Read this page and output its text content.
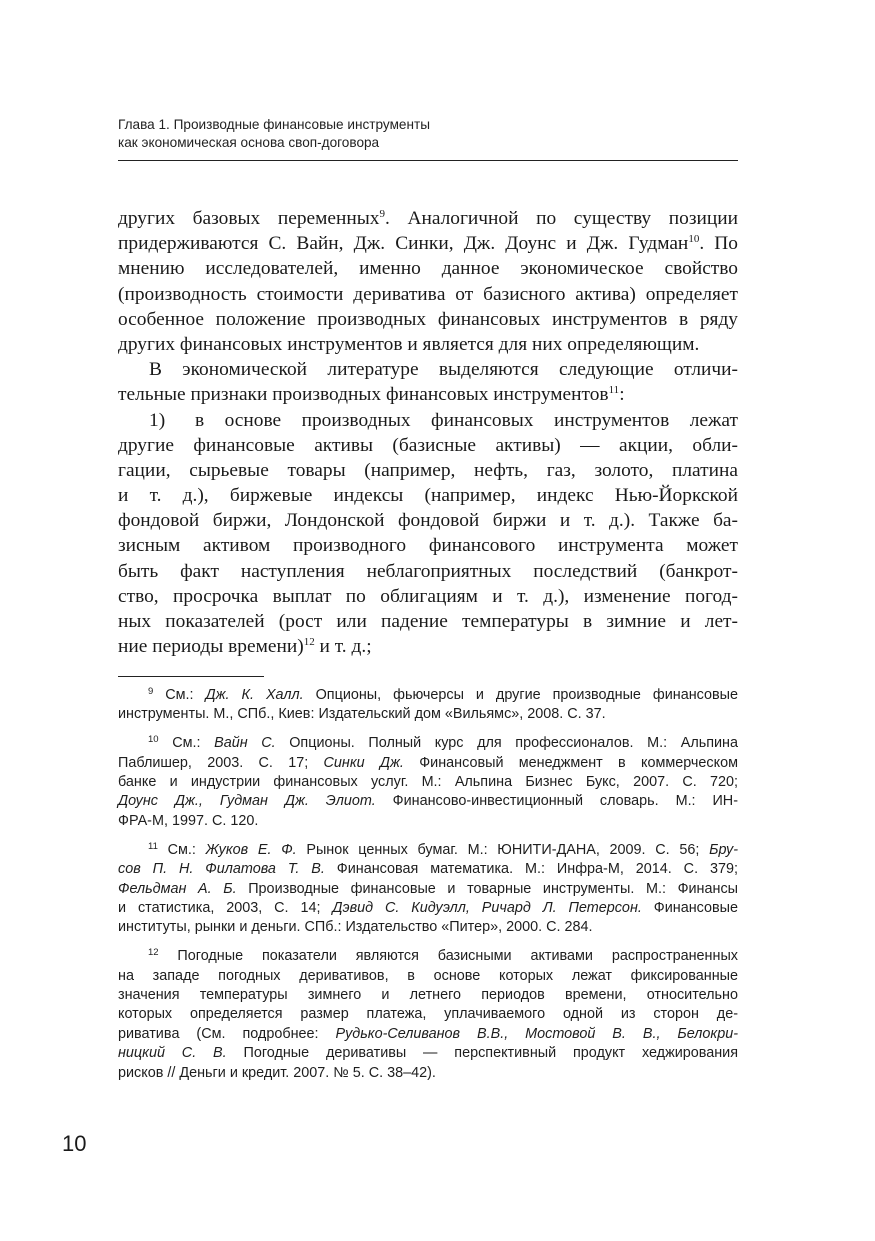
Глава 1. Производные финансовые инструменты
как экономическая основа своп-договора
других базовых переменных$^9$. Аналогичной по существу позиции
придерживаются С. Вайн, Дж. Синки, Дж. Доунс и Дж. Гудман$^{10}$. По
мнению исследователей, именно данное экономическое свойство
(производность стоимости деривативa от базисного актива) определяет
особенное положение производных финансовых инструментов в ряду
других финансовых инструментов и является для них определяющим.
В экономической литературе выделяются следующие отличи-
тельные признаки производных финансовых инструментов$^{11}$:
1) в основе производных финансовых инструментов лежат
другие финансовые активы (базисные активы) — акции, обли-
гации, сырьевые товары (например, нефть, газ, золото, платина
и т. д.), биржевые индексы (например, индекс Нью-Йоркской
фондовой биржи, Лондонской фондовой биржи и т. д.). Также ба-
зисным активом производного финансового инструмента может
быть факт наступления неблагоприятных последствий (банкрот-
ство, просрочка выплат по облигациям и т. д.), изменение погод-
ных показателей (рост или падение температуры в зимние и лет-
ние периоды времени)$^{12}$ и т. д.;
$^9$ См.: Дж. К. Халл. Опционы, фьючерсы и другие производные финансовые
инструменты. М., СПб., Киев: Издательский дом «Вильямс», 2008. С. 37.
$^{10}$ См.: Вайн С. Опционы. Полный курс для профессионалов. М.: Альпина
Паблишер, 2003. С. 17; Синки Дж. Финансовый менеджмент в коммерческом
банке и индустрии финансовых услуг. М.: Альпина Бизнес Букс, 2007. С. 720;
Доунс Дж., Гудман Дж. Элиот. Финансово-инвестиционный словарь. М.: ИН-
ФРА-М, 1997. С. 120.
$^{11}$ См.: Жуков Е. Ф. Рынок ценных бумаг. М.: ЮНИТИ-ДАНА, 2009. С. 56; Бру-
сов П. Н. Филатова Т. В. Финансовая математика. М.: Инфра-М, 2014. С. 379;
Фельдман А. Б. Производные финансовые и товарные инструменты. М.: Финансы
и статистика, 2003, С. 14; Дэвид С. Кидуэлл, Ричард Л. Петерсон. Финансовые
институты, рынки и деньги. СПб.: Издательство «Питер», 2000. С. 284.
$^{12}$ Погодные показатели являются базисными активами распространенных
на западе погодных деривативов, в основе которых лежат фиксированные
значения температуры зимнего и летнего периодов времени, относительно
которых определяется размер платежа, уплачиваемого одной из сторон де-
ривативa (См. подробнее: Рудько-Селиванов В.В., Мостовой В. В., Белокри-
ницкий С. В. Погодные деривативы — перспективный продукт хеджирования
рисков // Деньги и кредит. 2007. № 5. С. 38–42).
10
